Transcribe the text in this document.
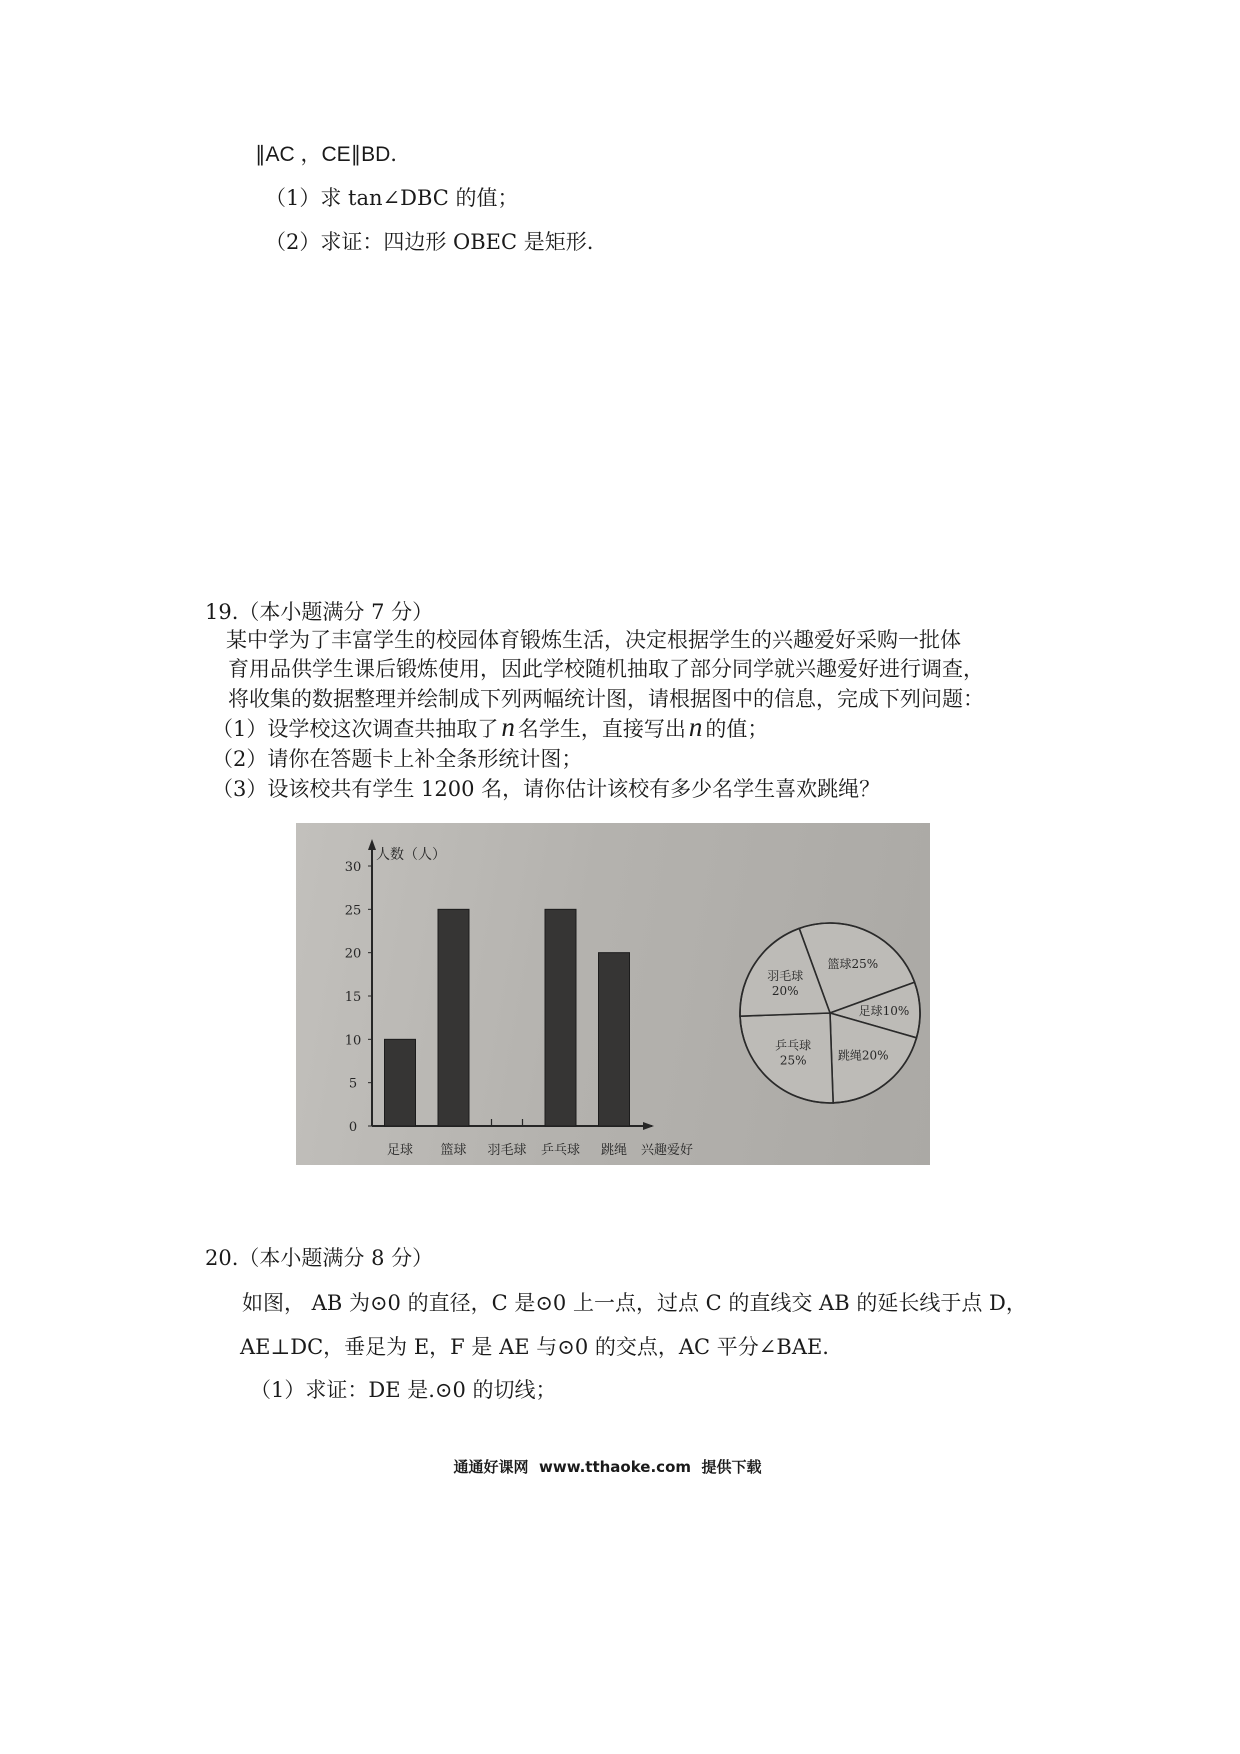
∥AC ，CE∥BD．
（1）求 tan∠DBC 的值；
（2）求证：四边形 OBEC 是矩形.
19.（本小题满分 7 分）
某中学为了丰富学生的校园体育锻炼生活，决定根据学生的兴趣爱好采购一批体
育用品供学生课后锻炼使用，因此学校随机抽取了部分同学就兴趣爱好进行调查，
将收集的数据整理并绘制成下列两幅统计图，请根据图中的信息，完成下列问题：
（1）设学校这次调查共抽取了 n 名学生，直接写出 n 的值；
（2）请你在答题卡上补全条形统计图；
（3）设该校共有学生 1200 名，请你估计该校有多少名学生喜欢跳绳？
人数（人）
0
5
10
15
20
25
30
足球 篮球 羽毛球 乒乓球 跳绳 兴趣爱好
篮球25%
足球10%
跳绳20%
乒乓球
25%
羽毛球
20%
20.（本小题满分 8 分）
如图， AB 为⊙0 的直径，C 是⊙0 上一点，过点 C 的直线交 AB 的延长线于点 D，
AE⊥DC，垂足为 E，F 是 AE 与⊙0 的交点，AC 平分∠BAE.
（1）求证：DE 是.⊙0 的切线；
通通好课网  www.tthaoke.com  提供下载
